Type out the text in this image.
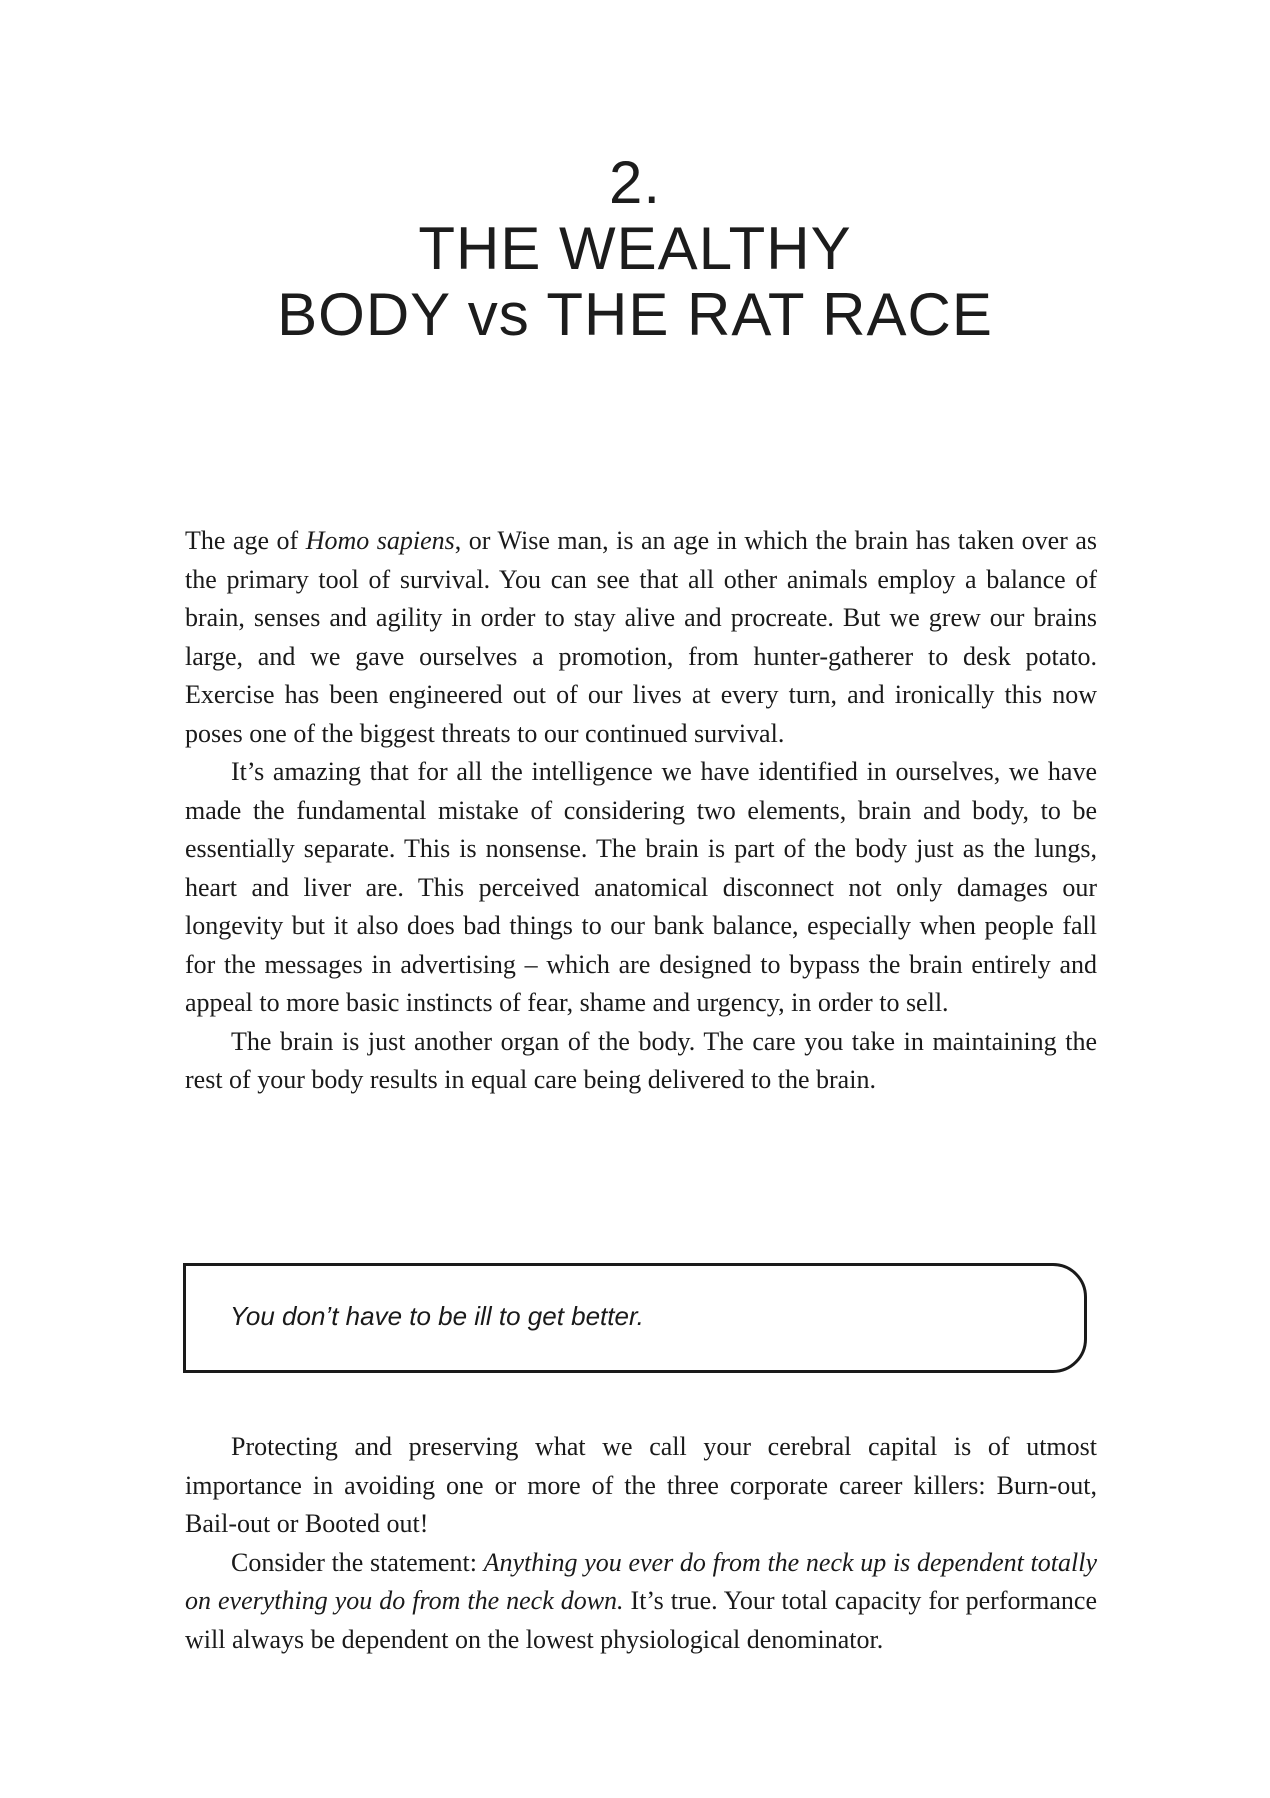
2.
THE WEALTHY
BODY vs THE RAT RACE

The age of Homo sapiens, or Wise man, is an age in which the brain has taken over as the primary tool of survival. You can see that all other animals employ a balance of brain, senses and agility in order to stay alive and procreate. But we grew our brains large, and we gave ourselves a promotion, from hunter-gatherer to desk potato. Exercise has been engineered out of our lives at every turn, and ironically this now poses one of the biggest threats to our continued survival.

It’s amazing that for all the intelligence we have identified in ourselves, we have made the fundamental mistake of considering two elements, brain and body, to be essentially separate. This is nonsense. The brain is part of the body just as the lungs, heart and liver are. This perceived anatomical disconnect not only damages our longevity but it also does bad things to our bank balance, especially when people fall for the messages in advertising – which are designed to bypass the brain entirely and appeal to more basic instincts of fear, shame and urgency, in order to sell.

The brain is just another organ of the body. The care you take in maintaining the rest of your body results in equal care being delivered to the brain.

You don’t have to be ill to get better.

Protecting and preserving what we call your cerebral capital is of utmost importance in avoiding one or more of the three corporate career killers: Burn-out, Bail-out or Booted out!

Consider the statement: Anything you ever do from the neck up is dependent totally on everything you do from the neck down. It’s true. Your total capacity for performance will always be dependent on the lowest physiological denominator.
